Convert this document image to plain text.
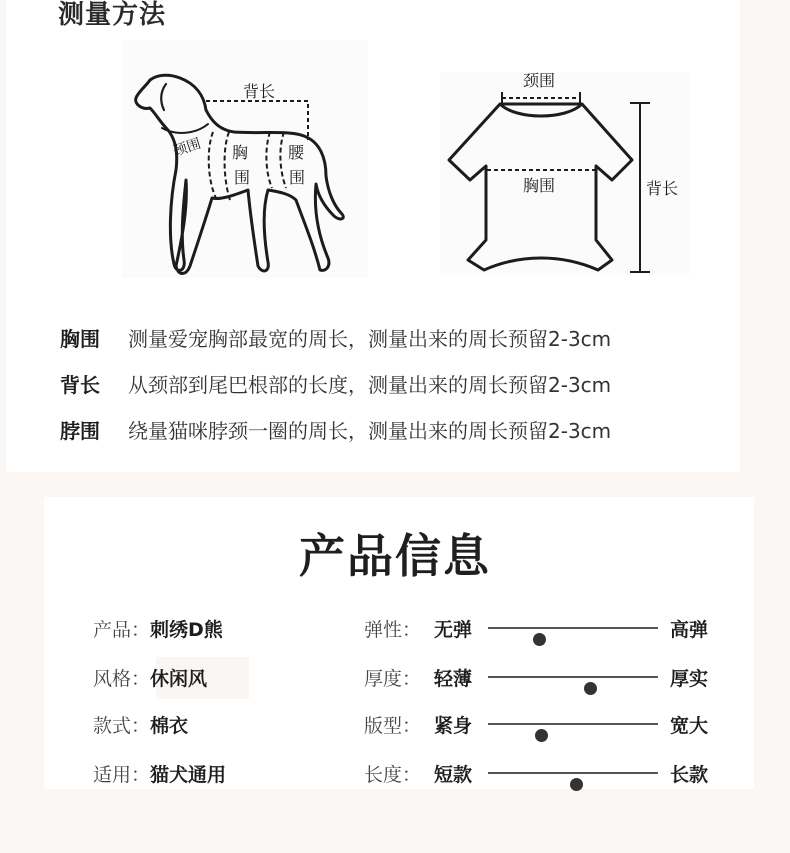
测量方法
背长
颈围 胸
围
腰
围
颈围
胸围	背长
胸围 测量爱宠胸部最宽的周长，测量出来的周长预留2-3cm
背长 从颈部到尾巴根部的长度，测量出来的周长预留2-3cm
脖围 绕量猫咪脖颈一圈的周长，测量出来的周长预留2-3cm
产品信息
产品：刺绣D熊
风格：休闲风
款式：棉衣
适用：猫犬通用
弹性： 无弹	高弹
厚度： 轻薄	厚实
版型： 紧身	宽大
长度： 短款	长款
